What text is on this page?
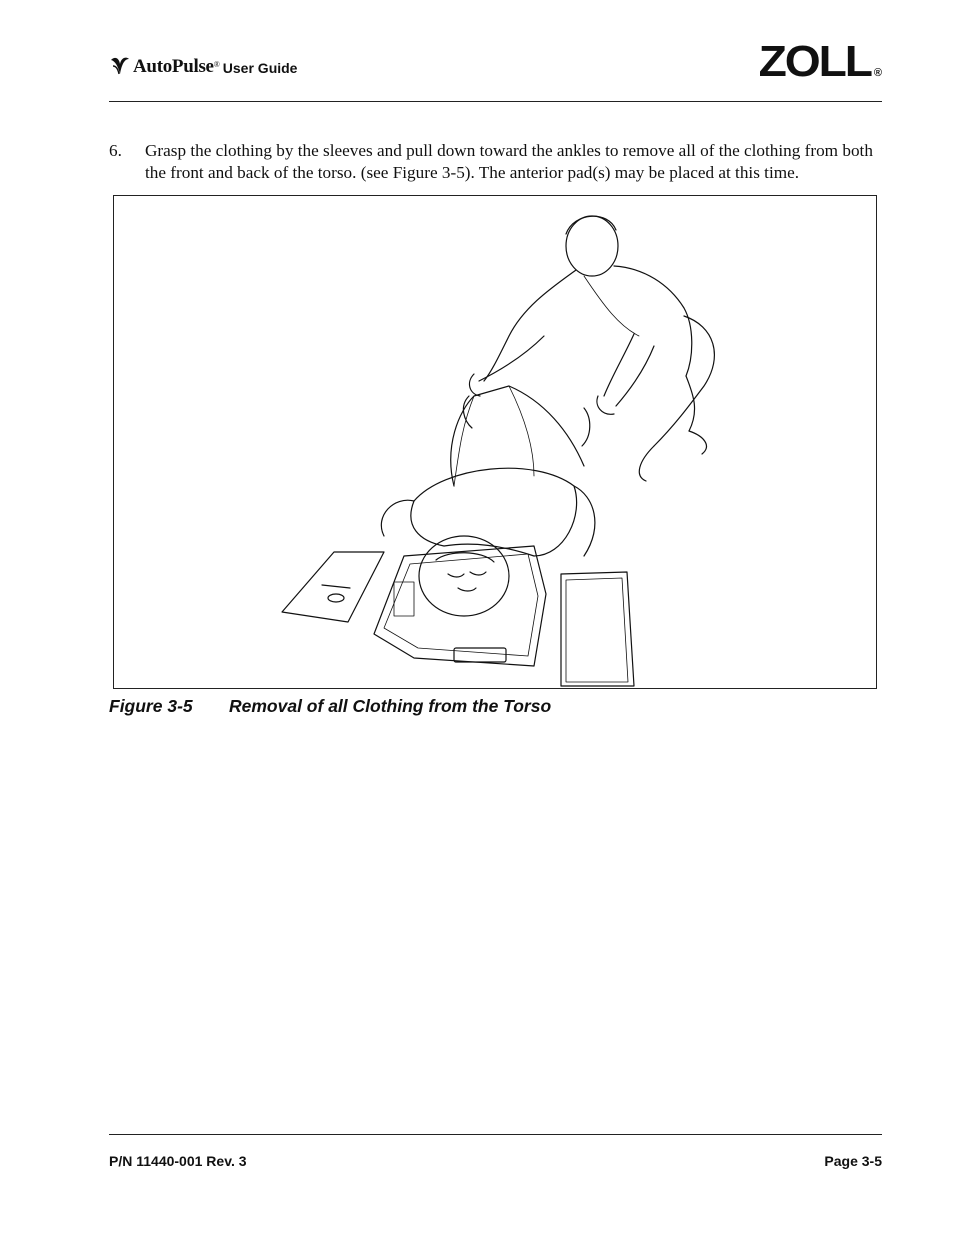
AutoPulse ® User Guide	ZOLL ®
6. Grasp the clothing by the sleeves and pull down toward the ankles to remove all of the clothing from both the front and back of the torso. (see Figure 3-5). The anterior pad(s) may be placed at this time.
Figure 3-5 Removal of all Clothing from the Torso
P/N 11440-001 Rev. 3	Page 3-5
